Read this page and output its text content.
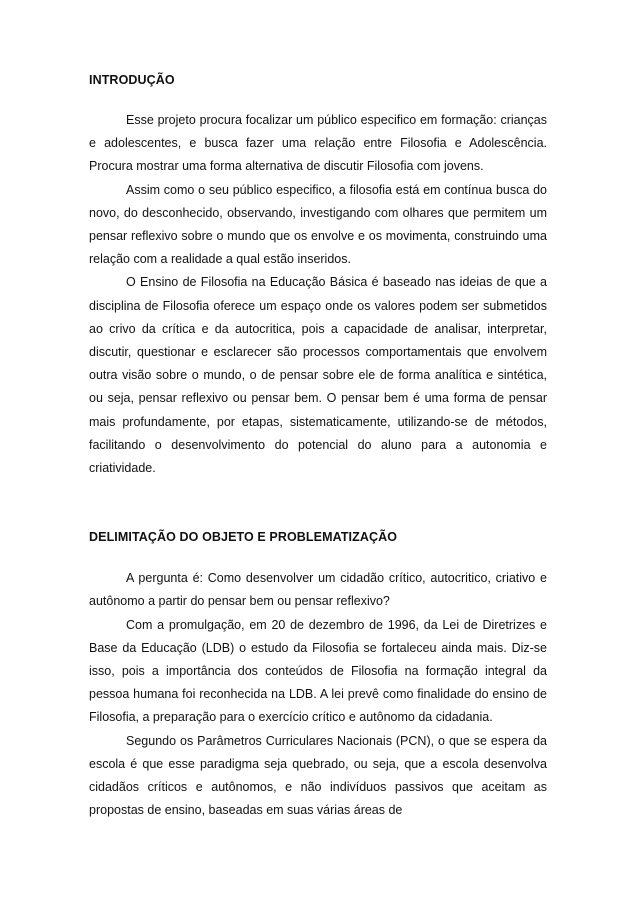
INTRODUÇÃO

Esse projeto procura focalizar um público especifico em formação: crianças e adolescentes, e busca fazer uma relação entre Filosofia e Adolescência. Procura mostrar uma forma alternativa de discutir Filosofia com jovens.

Assim como o seu público especifico, a filosofia está em contínua busca do novo, do desconhecido, observando, investigando com olhares que permitem um pensar reflexivo sobre o mundo que os envolve e os movimenta, construindo uma relação com a realidade a qual estão inseridos.

O Ensino de Filosofia na Educação Básica é baseado nas ideias de que a disciplina de Filosofia oferece um espaço onde os valores podem ser submetidos ao crivo da crítica e da autocritica, pois a capacidade de analisar, interpretar, discutir, questionar e esclarecer são processos comportamentais que envolvem outra visão sobre o mundo, o de pensar sobre ele de forma analítica e sintética, ou seja, pensar reflexivo ou pensar bem. O pensar bem é uma forma de pensar mais profundamente, por etapas, sistematicamente, utilizando-se de métodos, facilitando o desenvolvimento do potencial do aluno para a autonomia e criatividade.

DELIMITAÇÃO DO OBJETO E PROBLEMATIZAÇÃO

A pergunta é: Como desenvolver um cidadão crítico, autocritico, criativo e autônomo a partir do pensar bem ou pensar reflexivo?

Com a promulgação, em 20 de dezembro de 1996, da Lei de Diretrizes e Base da Educação (LDB) o estudo da Filosofia se fortaleceu ainda mais. Diz-se isso, pois a importância dos conteúdos de Filosofia na formação integral da pessoa humana foi reconhecida na LDB. A lei prevê como finalidade do ensino de Filosofia, a preparação para o exercício crítico e autônomo da cidadania.

Segundo os Parâmetros Curriculares Nacionais (PCN), o que se espera da escola é que esse paradigma seja quebrado, ou seja, que a escola desenvolva cidadãos críticos e autônomos, e não indivíduos passivos que aceitam as propostas de ensino, baseadas em suas várias áreas de
